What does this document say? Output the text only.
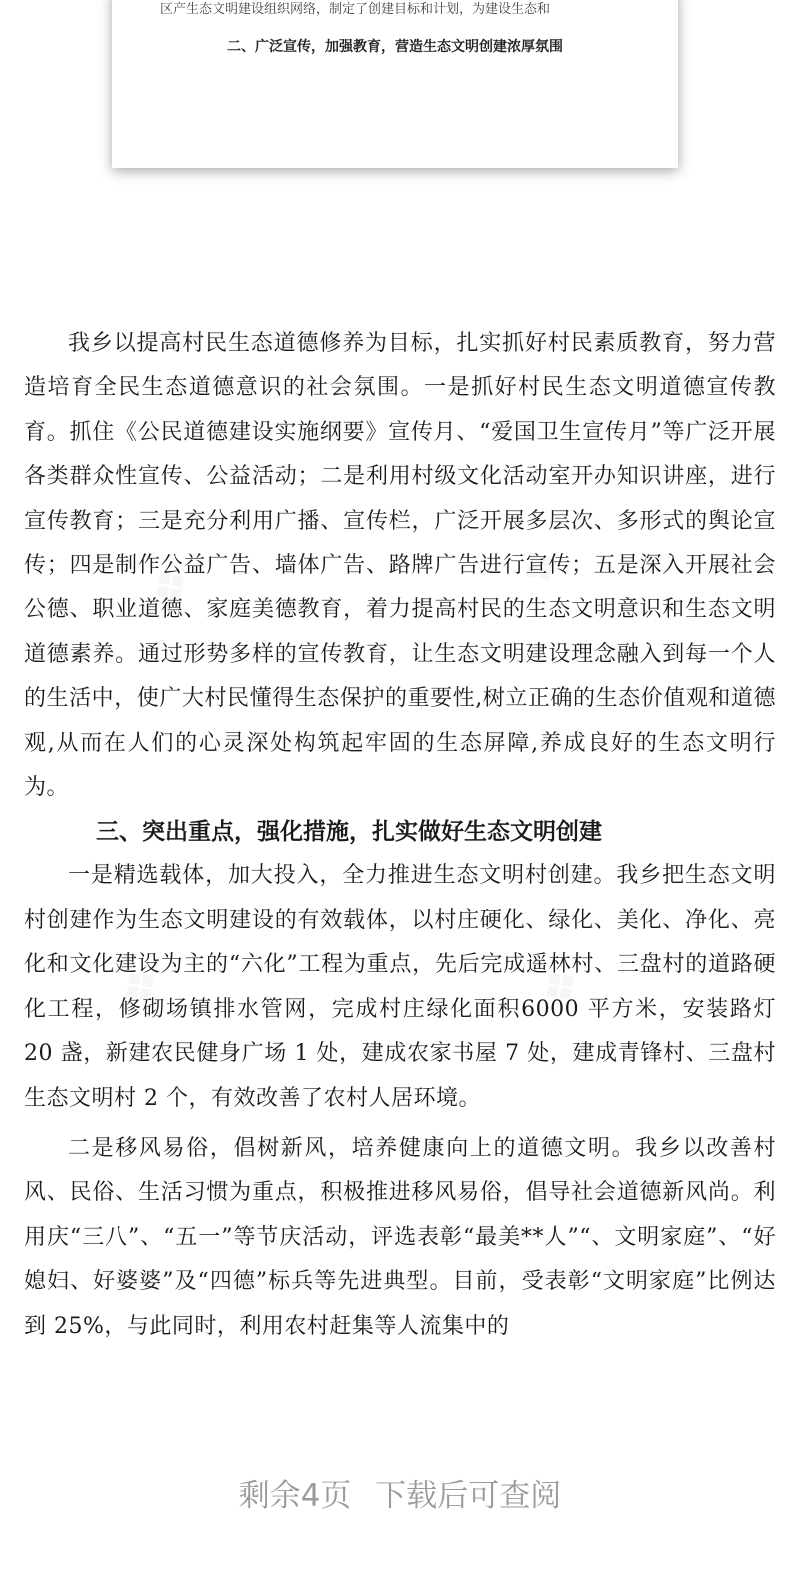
区产生态文明建设组织网络，制定了创建目标和计划，为建设生态和
二、广泛宣传，加强教育，营造生态文明创建浓厚氛围

我乡以提高村民生态道德修养为目标，扎实抓好村民素质教育，努力营造培育全民生态道德意识的社会氛围。一是抓好村民生态文明道德宣传教育。抓住《公民道德建设实施纲要》宣传月、“爱国卫生宣传月”等广泛开展各类群众性宣传、公益活动；二是利用村级文化活动室开办知识讲座，进行宣传教育；三是充分利用广播、宣传栏，广泛开展多层次、多形式的舆论宣传；四是制作公益广告、墙体广告、路牌广告进行宣传；五是深入开展社会公德、职业道德、家庭美德教育，着力提高村民的生态文明意识和生态文明道德素养。通过形势多样的宣传教育，让生态文明建设理念融入到每一个人的生活中，使广大村民懂得生态保护的重要性,树立正确的生态价值观和道德观,从而在人们的心灵深处构筑起牢固的生态屏障,养成良好的生态文明行为。

三、突出重点，强化措施，扎实做好生态文明创建

一是精选载体，加大投入，全力推进生态文明村创建。我乡把生态文明村创建作为生态文明建设的有效载体，以村庄硬化、绿化、美化、净化、亮化和文化建设为主的“六化”工程为重点，先后完成遥林村、三盘村的道路硬化工程，修砌场镇排水管网，完成村庄绿化面积6000 平方米，安装路灯 20 盏，新建农民健身广场 1 处，建成农家书屋 7 处，建成青锋村、三盘村生态文明村 2 个，有效改善了农村人居环境。

二是移风易俗，倡树新风，培养健康向上的道德文明。我乡以改善村风、民俗、生活习惯为重点，积极推进移风易俗，倡导社会道德新风尚。利用庆“三八”、“五一”等节庆活动，评选表彰“最美**人”“、文明家庭”、“好媳妇、好婆婆”及“四德”标兵等先进典型。目前，受表彰“文明家庭”比例达到 25%，与此同时，利用农村赶集等人流集中的

剩余4页 下载后可查阅
